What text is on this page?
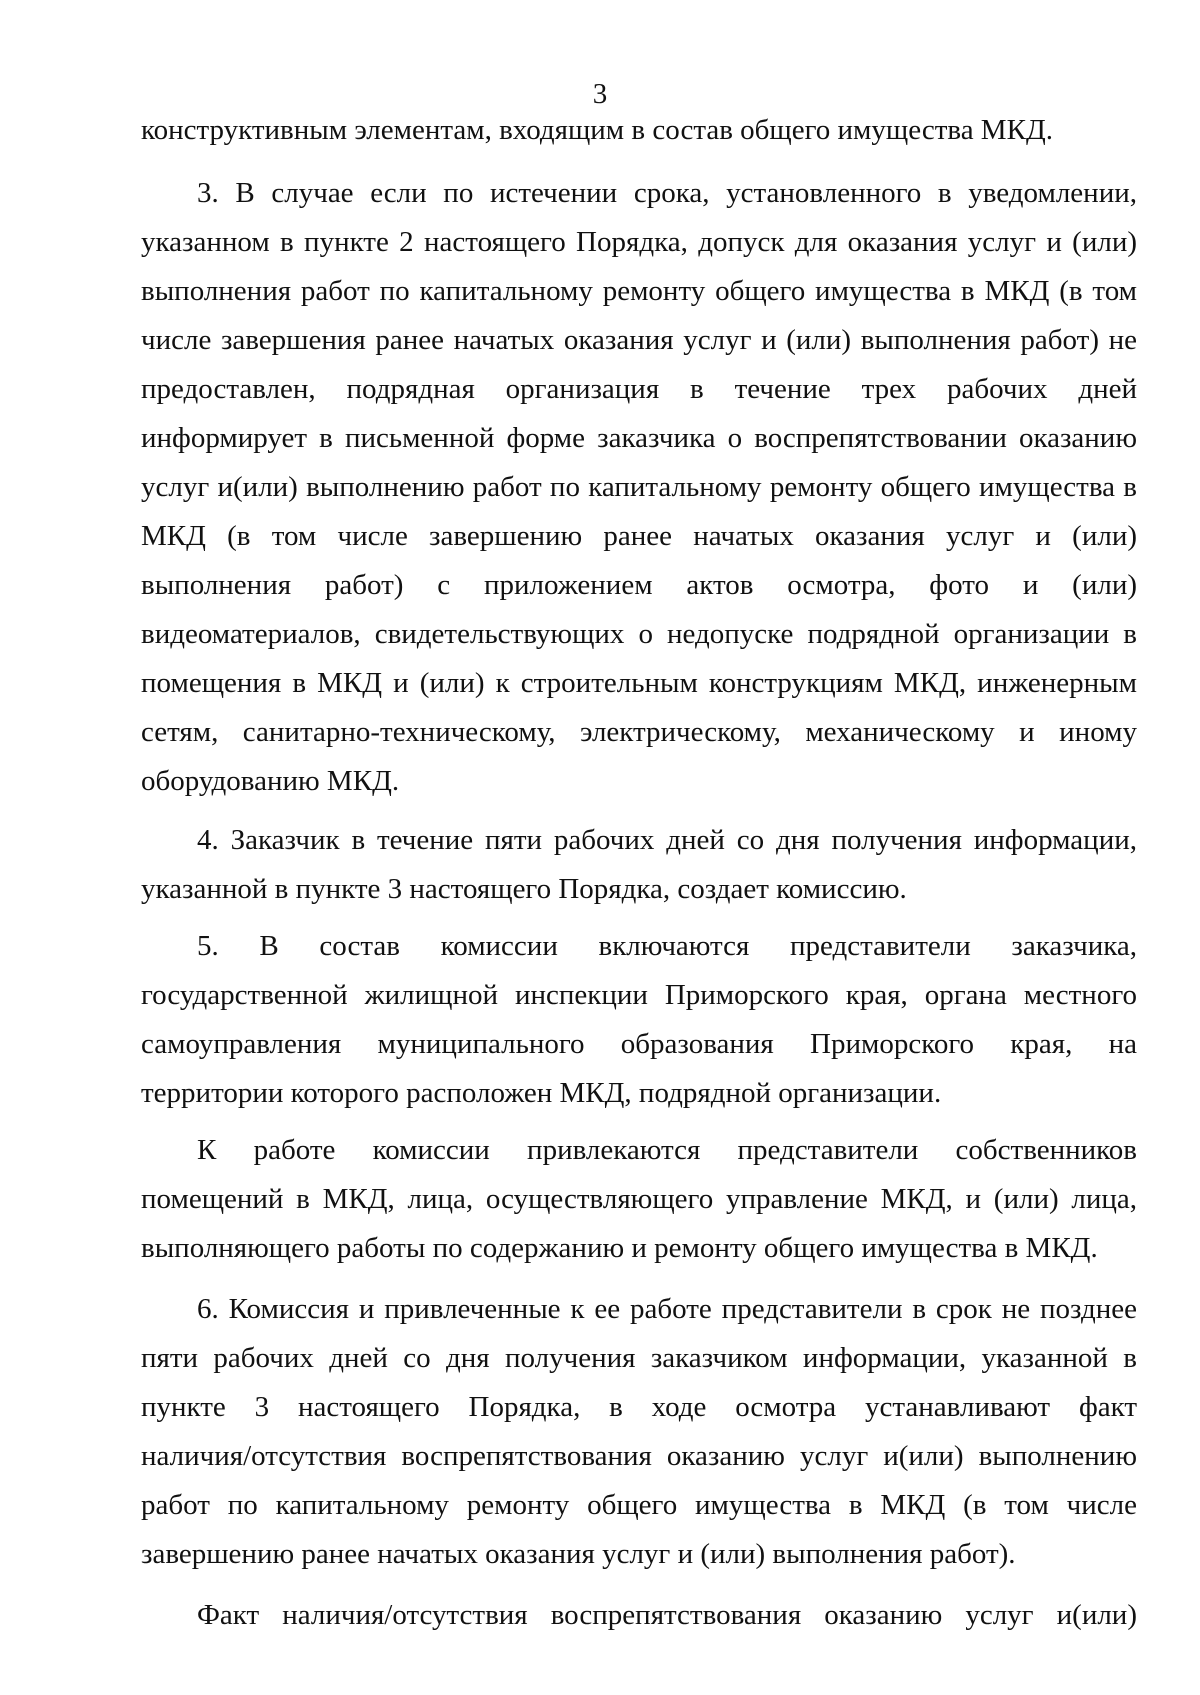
3
конструктивным элементам, входящим в состав общего имущества МКД.
3. В случае если по истечении срока, установленного в уведомлении,
указанном в пункте 2 настоящего Порядка, допуск для оказания услуг и (или)
выполнения работ по капитальному ремонту общего имущества в МКД (в том
числе завершения ранее начатых оказания услуг и (или) выполнения работ) не
предоставлен, подрядная организация в течение трех рабочих дней
информирует в письменной форме заказчика о воспрепятствовании оказанию
услуг и(или) выполнению работ по капитальному ремонту общего имущества в
МКД (в том числе завершению ранее начатых оказания услуг и (или)
выполнения работ) с приложением актов осмотра, фото и (или)
видеоматериалов, свидетельствующих о недопуске подрядной организации в
помещения в МКД и (или) к строительным конструкциям МКД, инженерным
сетям, санитарно-техническому, электрическому, механическому и иному
оборудованию МКД.
4. Заказчик в течение пяти рабочих дней со дня получения информации,
указанной в пункте 3 настоящего Порядка, создает комиссию.
5. В состав комиссии включаются представители заказчика,
государственной жилищной инспекции Приморского края, органа местного
самоуправления муниципального образования Приморского края, на
территории которого расположен МКД, подрядной организации.
К работе комиссии привлекаются представители собственников
помещений в МКД, лица, осуществляющего управление МКД, и (или) лица,
выполняющего работы по содержанию и ремонту общего имущества в МКД.
6. Комиссия и привлеченные к ее работе представители в срок не позднее
пяти рабочих дней со дня получения заказчиком информации, указанной в
пункте 3 настоящего Порядка, в ходе осмотра устанавливают факт
наличия/отсутствия воспрепятствования оказанию услуг и(или) выполнению
работ по капитальному ремонту общего имущества в МКД (в том числе
завершению ранее начатых оказания услуг и (или) выполнения работ).
Факт наличия/отсутствия воспрепятствования оказанию услуг и(или)
